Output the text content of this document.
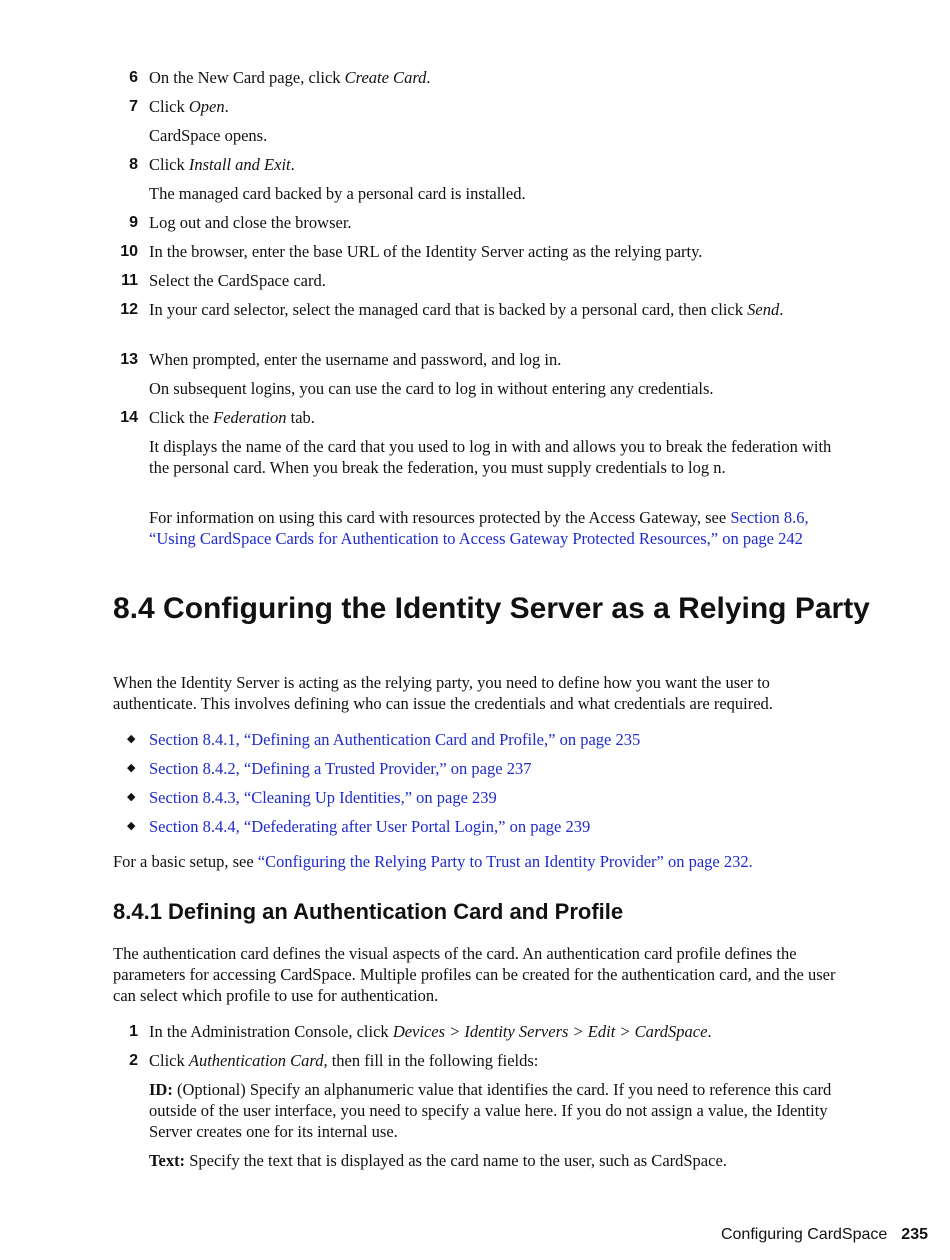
6 On the New Card page, click Create Card.
7 Click Open.
CardSpace opens.
8 Click Install and Exit.
The managed card backed by a personal card is installed.
9 Log out and close the browser.
10 In the browser, enter the base URL of the Identity Server acting as the relying party.
11 Select the CardSpace card.
12 In your card selector, select the managed card that is backed by a personal card, then click Send.
13 When prompted, enter the username and password, and log in.
On subsequent logins, you can use the card to log in without entering any credentials.
14 Click the Federation tab.
It displays the name of the card that you used to log in with and allows you to break the federation with the personal card. When you break the federation, you must supply credentials to log n.
For information on using this card with resources protected by the Access Gateway, see Section 8.6, “Using CardSpace Cards for Authentication to Access Gateway Protected Resources,” on page 242
8.4 Configuring the Identity Server as a Relying Party
When the Identity Server is acting as the relying party, you need to define how you want the user to authenticate. This involves defining who can issue the credentials and what credentials are required.
◆ Section 8.4.1, “Defining an Authentication Card and Profile,” on page 235
◆ Section 8.4.2, “Defining a Trusted Provider,” on page 237
◆ Section 8.4.3, “Cleaning Up Identities,” on page 239
◆ Section 8.4.4, “Defederating after User Portal Login,” on page 239
For a basic setup, see “Configuring the Relying Party to Trust an Identity Provider” on page 232.
8.4.1 Defining an Authentication Card and Profile
The authentication card defines the visual aspects of the card. An authentication card profile defines the parameters for accessing CardSpace. Multiple profiles can be created for the authentication card, and the user can select which profile to use for authentication.
1 In the Administration Console, click Devices > Identity Servers > Edit > CardSpace.
2 Click Authentication Card, then fill in the following fields:
ID: (Optional) Specify an alphanumeric value that identifies the card. If you need to reference this card outside of the user interface, you need to specify a value here. If you do not assign a value, the Identity Server creates one for its internal use.
Text: Specify the text that is displayed as the card name to the user, such as CardSpace.
Configuring CardSpace 235
